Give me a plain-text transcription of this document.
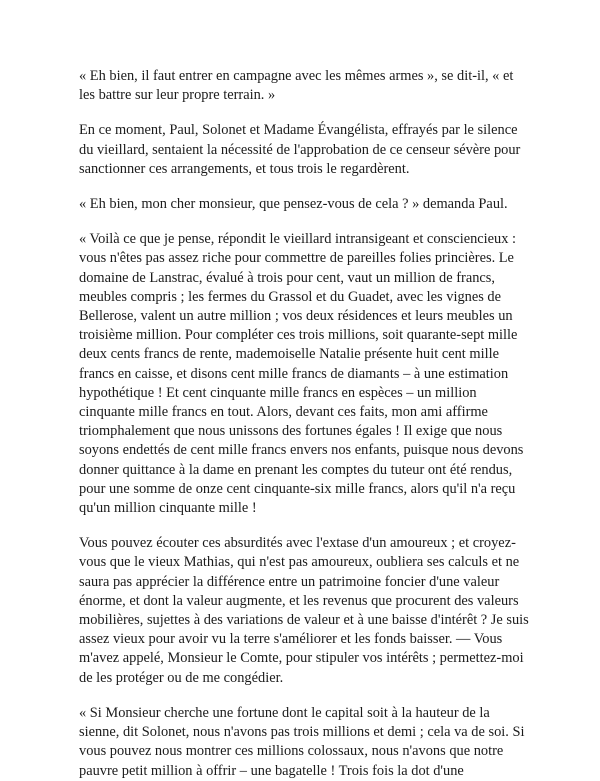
« Eh bien, il faut entrer en campagne avec les mêmes armes », se dit-il, « et les battre sur leur propre terrain. »

En ce moment, Paul, Solonet et Madame Évangélista, effrayés par le silence du vieillard, sentaient la nécessité de l'approbation de ce censeur sévère pour sanctionner ces arrangements, et tous trois le regardèrent.

« Eh bien, mon cher monsieur, que pensez-vous de cela ? » demanda Paul.

« Voilà ce que je pense, répondit le vieillard intransigeant et consciencieux : vous n'êtes pas assez riche pour commettre de pareilles folies princières. Le domaine de Lanstrac, évalué à trois pour cent, vaut un million de francs, meubles compris ; les fermes du Grassol et du Guadet, avec les vignes de Bellerose, valent un autre million ; vos deux résidences et leurs meubles un troisième million. Pour compléter ces trois millions, soit quarante-sept mille deux cents francs de rente, mademoiselle Natalie présente huit cent mille francs en caisse, et disons cent mille francs de diamants – à une estimation hypothétique ! Et cent cinquante mille francs en espèces – un million cinquante mille francs en tout. Alors, devant ces faits, mon ami affirme triomphalement que nous unissons des fortunes égales ! Il exige que nous soyons endettés de cent mille francs envers nos enfants, puisque nous devons donner quittance à la dame en prenant les comptes du tuteur ont été rendus, pour une somme de onze cent cinquante-six mille francs, alors qu'il n'a reçu qu'un million cinquante mille !

Vous pouvez écouter ces absurdités avec l'extase d'un amoureux ; et croyez-vous que le vieux Mathias, qui n'est pas amoureux, oubliera ses calculs et ne saura pas apprécier la différence entre un patrimoine foncier d'une valeur énorme, et dont la valeur augmente, et les revenus que procurent des valeurs mobilières, sujettes à des variations de valeur et à une baisse d'intérêt ? Je suis assez vieux pour avoir vu la terre s'améliorer et les fonds baisser. — Vous m'avez appelé, Monsieur le Comte, pour stipuler vos intérêts ; permettez-moi de les protéger ou de me congédier.

« Si Monsieur cherche une fortune dont le capital soit à la hauteur de la sienne, dit Solonet, nous n'avons pas trois millions et demi ; cela va de soi. Si vous pouvez nous montrer ces millions colossaux, nous n'avons que notre pauvre petit million à offrir – une bagatelle ! Trois fois la dot d'une
